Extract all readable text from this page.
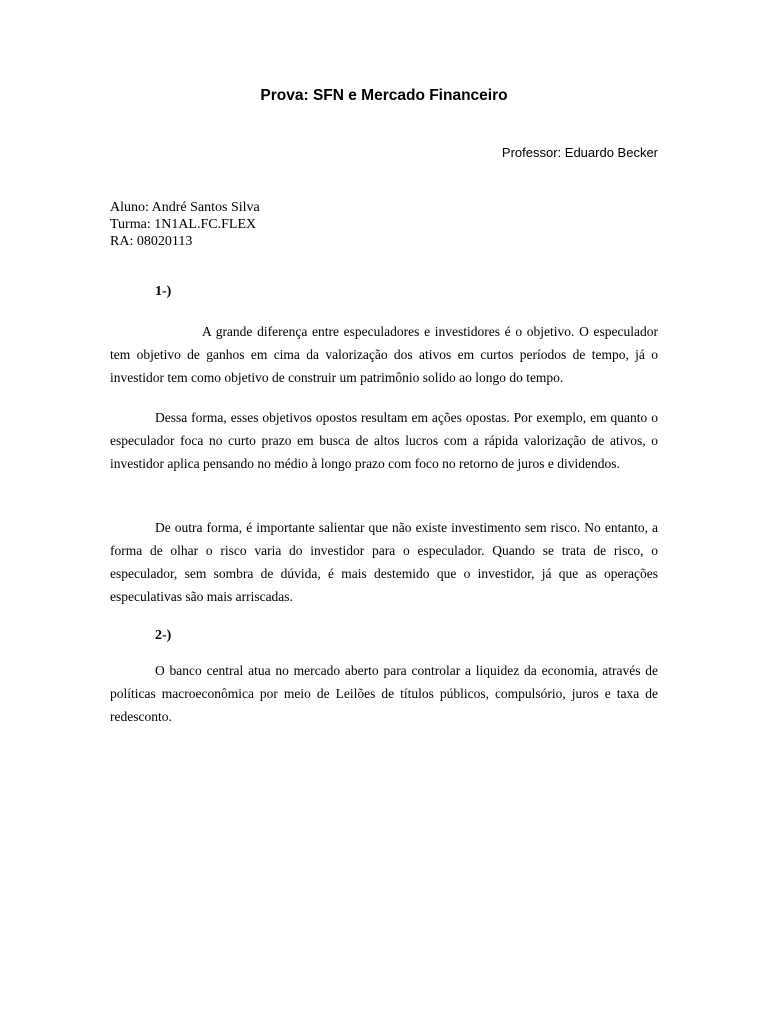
Prova: SFN e Mercado Financeiro
Professor: Eduardo Becker
Aluno: André Santos Silva
Turma: 1N1AL.FC.FLEX
RA: 08020113
1-)

A grande diferença entre especuladores e investidores é o objetivo. O especulador tem objetivo de ganhos em cima da valorização dos ativos em curtos períodos de tempo, já o investidor tem como objetivo de construir um patrimônio solido ao longo do tempo.

Dessa forma, esses objetivos opostos resultam em ações opostas. Por exemplo, em quanto o especulador foca no curto prazo em busca de altos lucros com a rápida valorização de ativos, o investidor aplica pensando no médio à longo prazo com foco no retorno de juros e dividendos.

De outra forma, é importante salientar que não existe investimento sem risco. No entanto, a forma de olhar o risco varia do investidor para o especulador. Quando se trata de risco, o especulador, sem sombra de dúvida, é mais destemido que o investidor, já que as operações especulativas são mais arriscadas.

2-)

O banco central atua no mercado aberto para controlar a liquidez da economia, através de políticas macroeconômica por meio de Leilões de títulos públicos, compulsório, juros e taxa de redesconto.
